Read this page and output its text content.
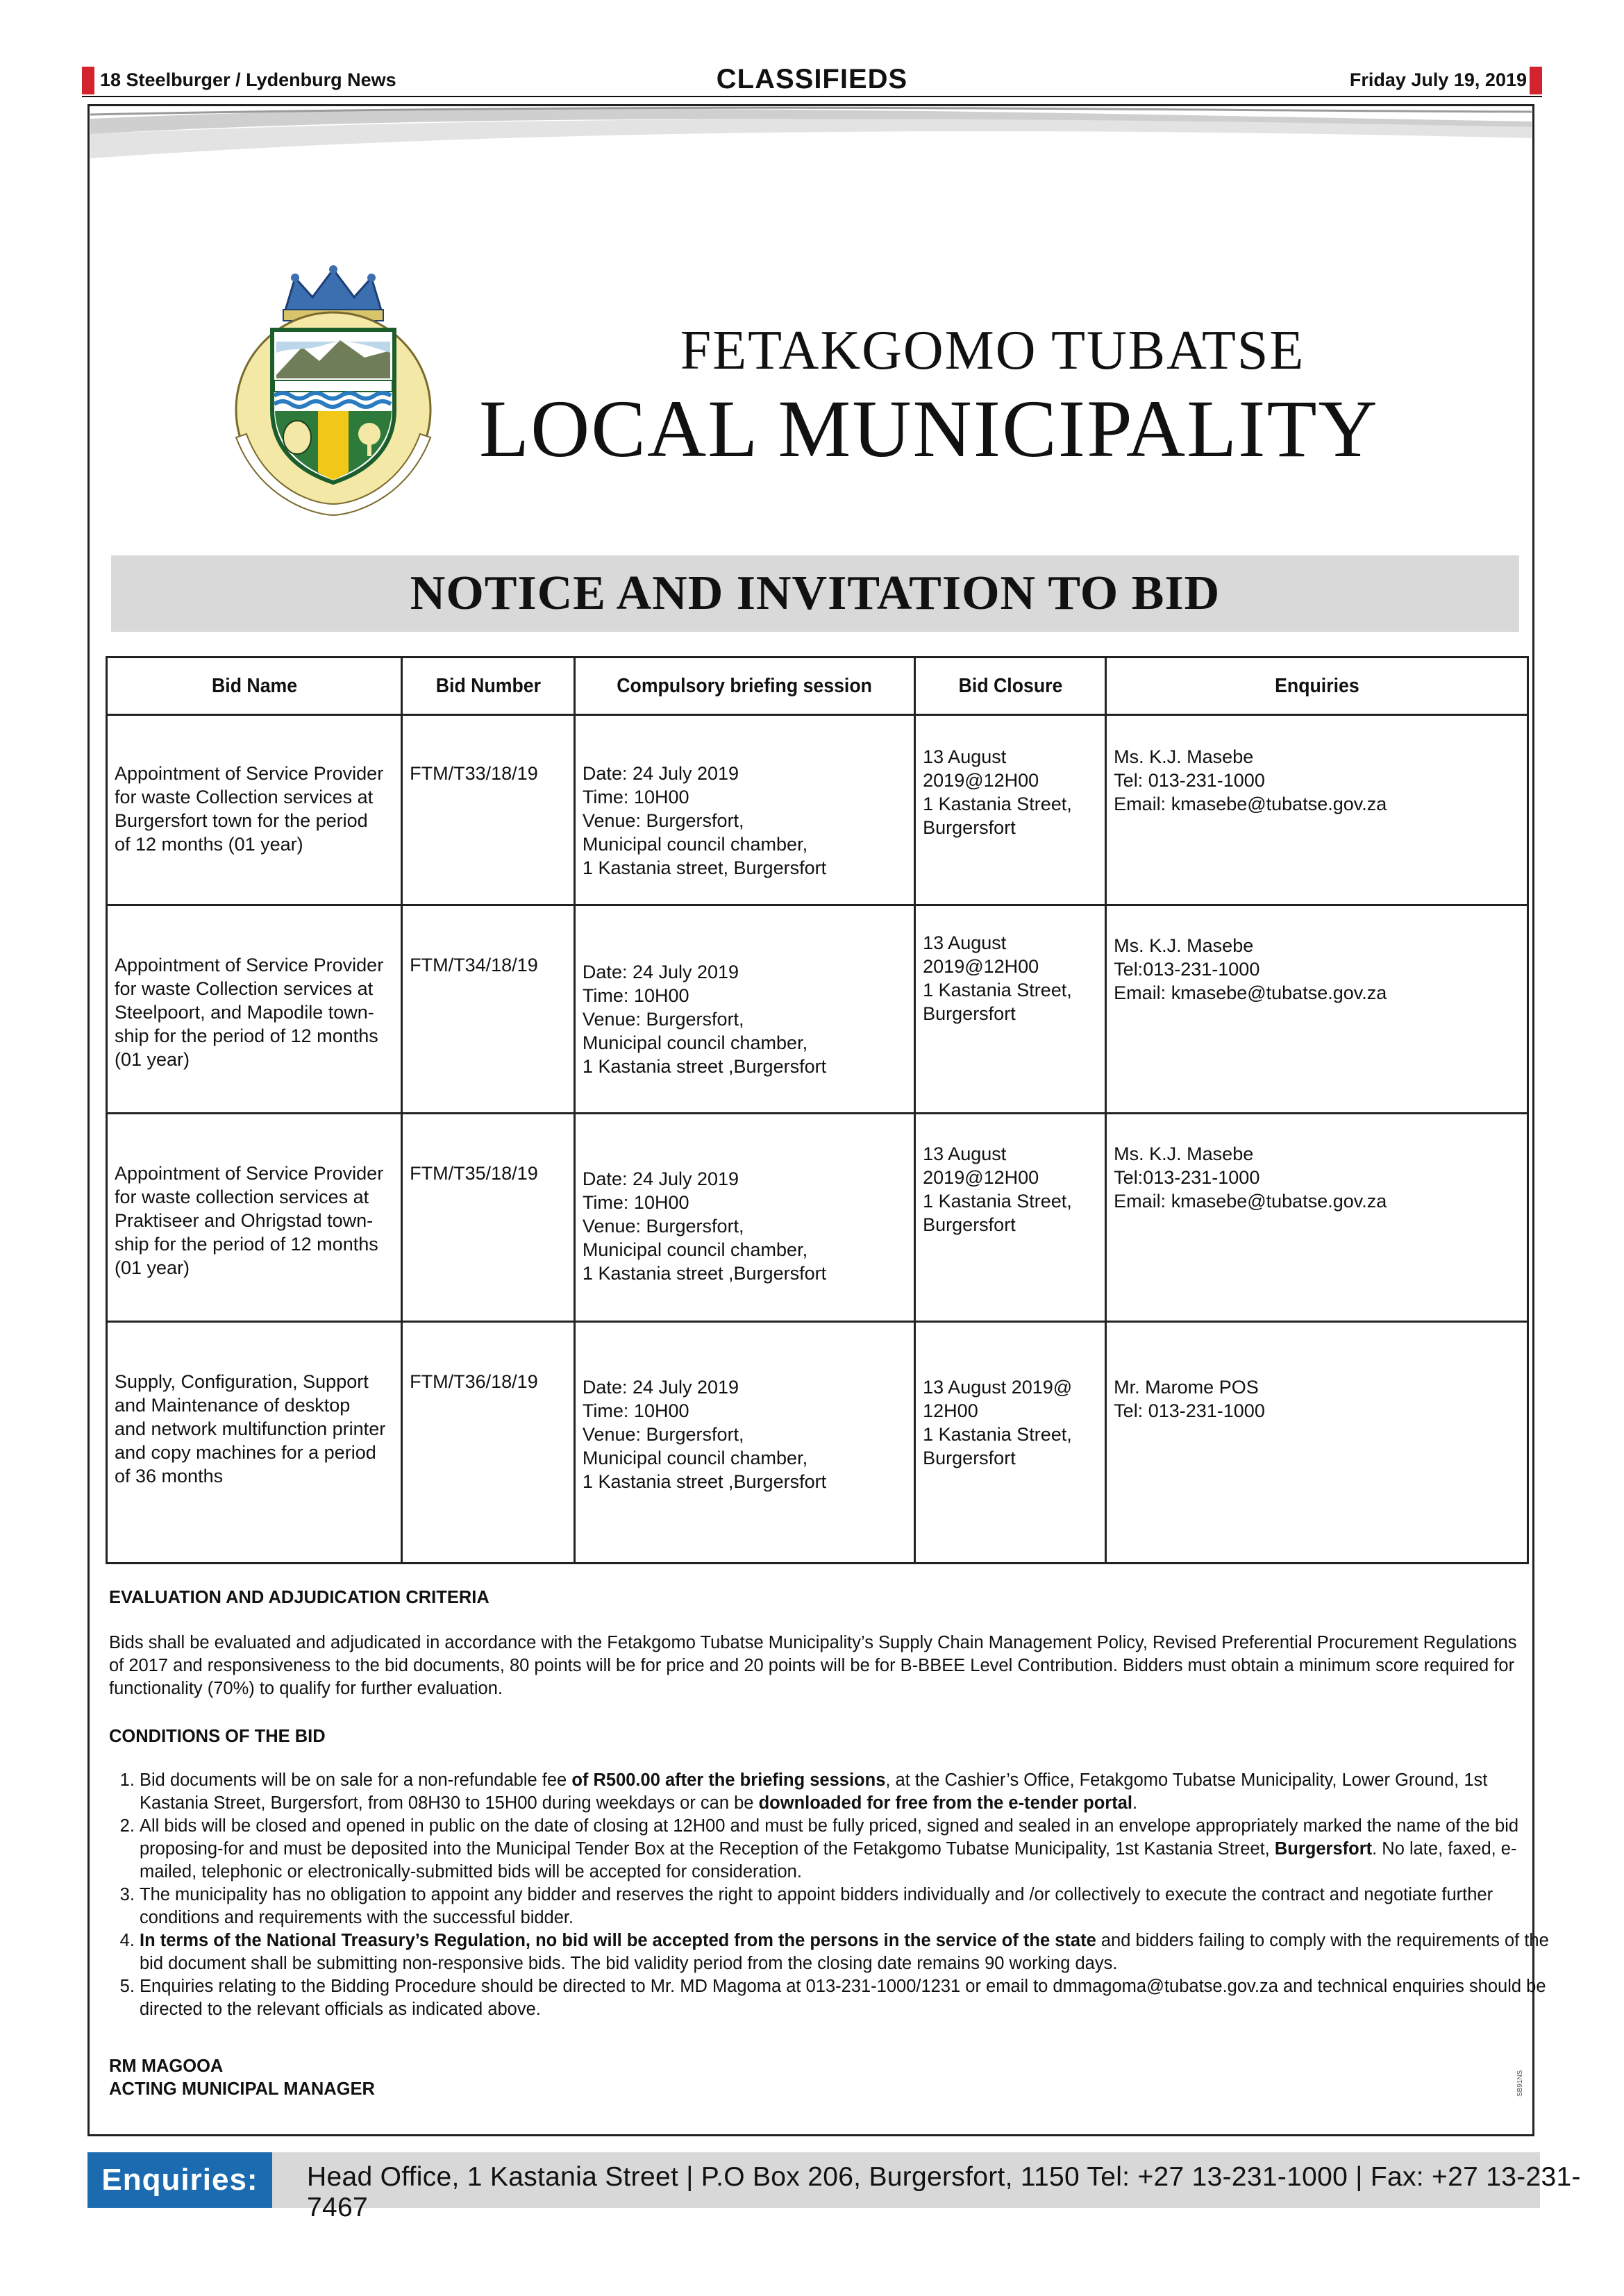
18 Steelburger / Lydenburg News	CLASSIFIEDS	Friday July 19, 2019
FETAKGOMO TUBATSE
LOCAL MUNICIPALITY
NOTICE AND INVITATION TO BID
Bid Name	Bid Number	Compulsory briefing session	Bid Closure	Enquiries

Appointment of Service Provider
for waste Collection services at
Burgersfort town for the period
of 12 months (01 year)	FTM/T33/18/19	Date: 24 July 2019
Time: 10H00
Venue: Burgersfort,
Municipal council chamber,
1 Kastania street, Burgersfort	13 August
2019@12H00
1 Kastania Street,
Burgersfort	Ms. K.J. Masebe
Tel: 013-231-1000
Email: kmasebe@tubatse.gov.za

Appointment of Service Provider
for waste Collection services at
Steelpoort, and Mapodile town-
ship for the period of 12 months
(01 year)	FTM/T34/18/19	Date: 24 July 2019
Time: 10H00
Venue: Burgersfort,
Municipal council chamber,
1 Kastania street ,Burgersfort	13 August
2019@12H00
1 Kastania Street,
Burgersfort	Ms. K.J. Masebe
Tel:013-231-1000
Email: kmasebe@tubatse.gov.za

Appointment of Service Provider
for waste collection services at
Praktiseer and Ohrigstad town-
ship for the period of 12 months
(01 year)	FTM/T35/18/19	Date: 24 July 2019
Time: 10H00
Venue: Burgersfort,
Municipal council chamber,
1 Kastania street ,Burgersfort	13 August
2019@12H00
1 Kastania Street,
Burgersfort	Ms. K.J. Masebe
Tel:013-231-1000
Email: kmasebe@tubatse.gov.za

Supply, Configuration, Support
and Maintenance of desktop
and network multifunction printer
and copy machines for a period
of 36 months	FTM/T36/18/19	Date: 24 July 2019
Time: 10H00
Venue: Burgersfort,
Municipal council chamber,
1 Kastania street ,Burgersfort	13 August 2019@
12H00
1 Kastania Street,
Burgersfort	Mr. Marome POS
Tel: 013-231-1000
EVALUATION AND ADJUDICATION CRITERIA
Bids shall be evaluated and adjudicated in accordance with the Fetakgomo Tubatse Municipality’s Supply Chain Management Policy, Revised Preferential Procurement Regulations of 2017 and responsiveness to the bid documents, 80 points will be for price and 20 points will be for B-BBEE Level Contribution. Bidders must obtain a minimum score required for functionality (70%) to qualify for further evaluation.
CONDITIONS OF THE BID
1. Bid documents will be on sale for a non-refundable fee of R500.00 after the briefing sessions, at the Cashier’s Office, Fetakgomo Tubatse Municipality, Lower Ground, 1st Kastania Street, Burgersfort, from 08H30 to 15H00 during weekdays or can be downloaded for free from the e-tender portal.
2. All bids will be closed and opened in public on the date of closing at 12H00 and must be fully priced, signed and sealed in an envelope appropriately marked the name of the bid proposing-for and must be deposited into the Municipal Tender Box at the Reception of the Fetakgomo Tubatse Municipality, 1st Kastania Street, Burgersfort. No late, faxed, e-mailed, telephonic or electronically-submitted bids will be accepted for consideration.
3. The municipality has no obligation to appoint any bidder and reserves the right to appoint bidders individually and /or collectively to execute the contract and negotiate further conditions and requirements with the successful bidder.
4. In terms of the National Treasury’s Regulation, no bid will be accepted from the persons in the service of the state and bidders failing to comply with the requirements of the bid document shall be submitting non-responsive bids. The bid validity period from the closing date remains 90 working days.
5. Enquiries relating to the Bidding Procedure should be directed to Mr. MD Magoma at 013-231-1000/1231 or email to dmmagoma@tubatse.gov.za and technical enquiries should be directed to the relevant officials as indicated above.
RM MAGOOA
ACTING MUNICIPAL MANAGER	SB91NS
Enquiries:	Head Office, 1 Kastania Street | P.O Box 206, Burgersfort, 1150 Tel: +27 13-231-1000 | Fax: +27 13-231-7467
